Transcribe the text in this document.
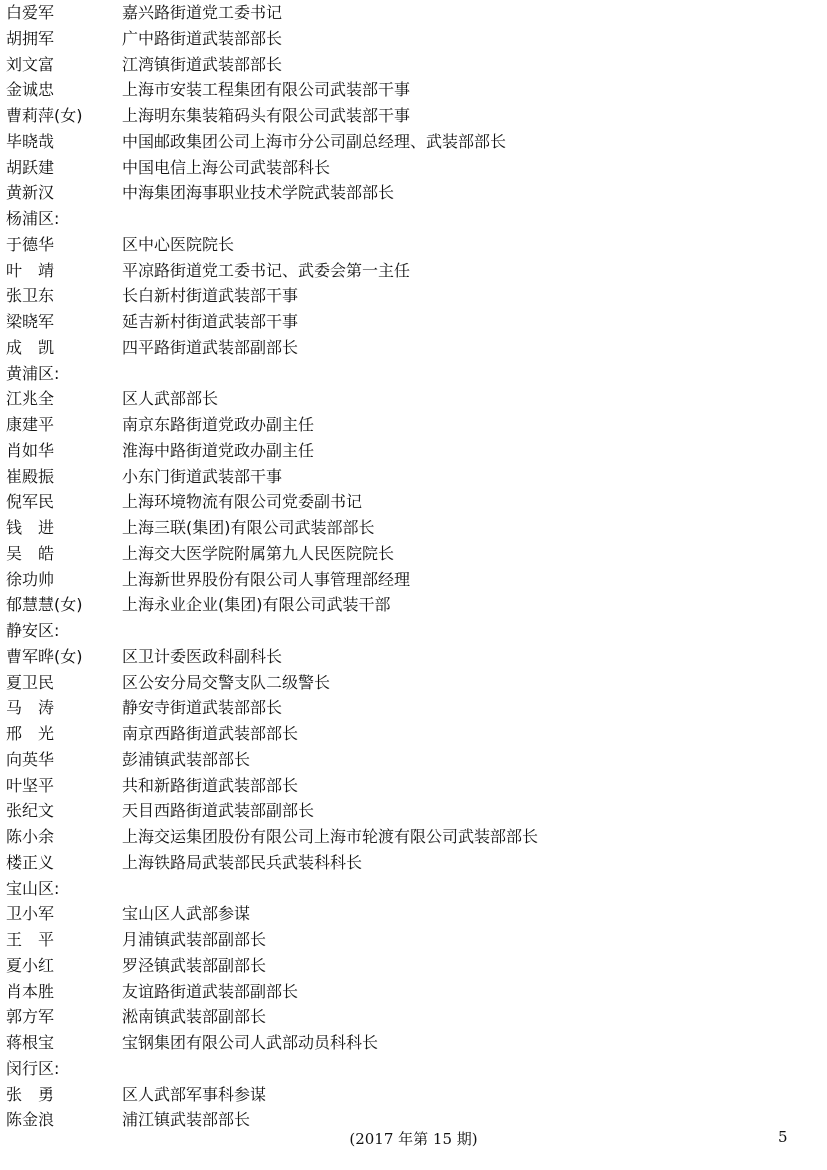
白爱军	嘉兴路街道党工委书记
胡拥军	广中路街道武装部部长
刘文富	江湾镇街道武装部部长
金诚忠	上海市安装工程集团有限公司武装部干事
曹莉萍(女) 上海明东集装箱码头有限公司武装部干事
毕晓哉	中国邮政集团公司上海市分公司副总经理、武装部部长
胡跃建	中国电信上海公司武装部科长
黄新汉	中海集团海事职业技术学院武装部部长
杨浦区:
于德华	区中心医院院长
叶　靖	平凉路街道党工委书记、武委会第一主任
张卫东	长白新村街道武装部干事
梁晓军	延吉新村街道武装部干事
成　凯	四平路街道武装部副部长
黄浦区:
江兆全	区人武部部长
康建平	南京东路街道党政办副主任
肖如华	淮海中路街道党政办副主任
崔殿振	小东门街道武装部干事
倪军民	上海环境物流有限公司党委副书记
钱　进	上海三联(集团)有限公司武装部部长
吴　皓	上海交大医学院附属第九人民医院院长
徐功帅	上海新世界股份有限公司人事管理部经理
郁慧慧(女) 上海永业企业(集团)有限公司武装干部
静安区:
曹军晔(女) 区卫计委医政科副科长
夏卫民	区公安分局交警支队二级警长
马　涛	静安寺街道武装部部长
邢　光	南京西路街道武装部部长
向英华	彭浦镇武装部部长
叶坚平	共和新路街道武装部部长
张纪文	天目西路街道武装部副部长
陈小余	上海交运集团股份有限公司上海市轮渡有限公司武装部部长
楼正义	上海铁路局武装部民兵武装科科长
宝山区:
卫小军	宝山区人武部参谋
王　平	月浦镇武装部副部长
夏小红	罗泾镇武装部副部长
肖本胜	友谊路街道武装部副部长
郭方军	淞南镇武装部副部长
蒋根宝	宝钢集团有限公司人武部动员科科长
闵行区:
张　勇	区人武部军事科参谋
陈金浪	浦江镇武装部部长
(2017 年第 15 期)	5
